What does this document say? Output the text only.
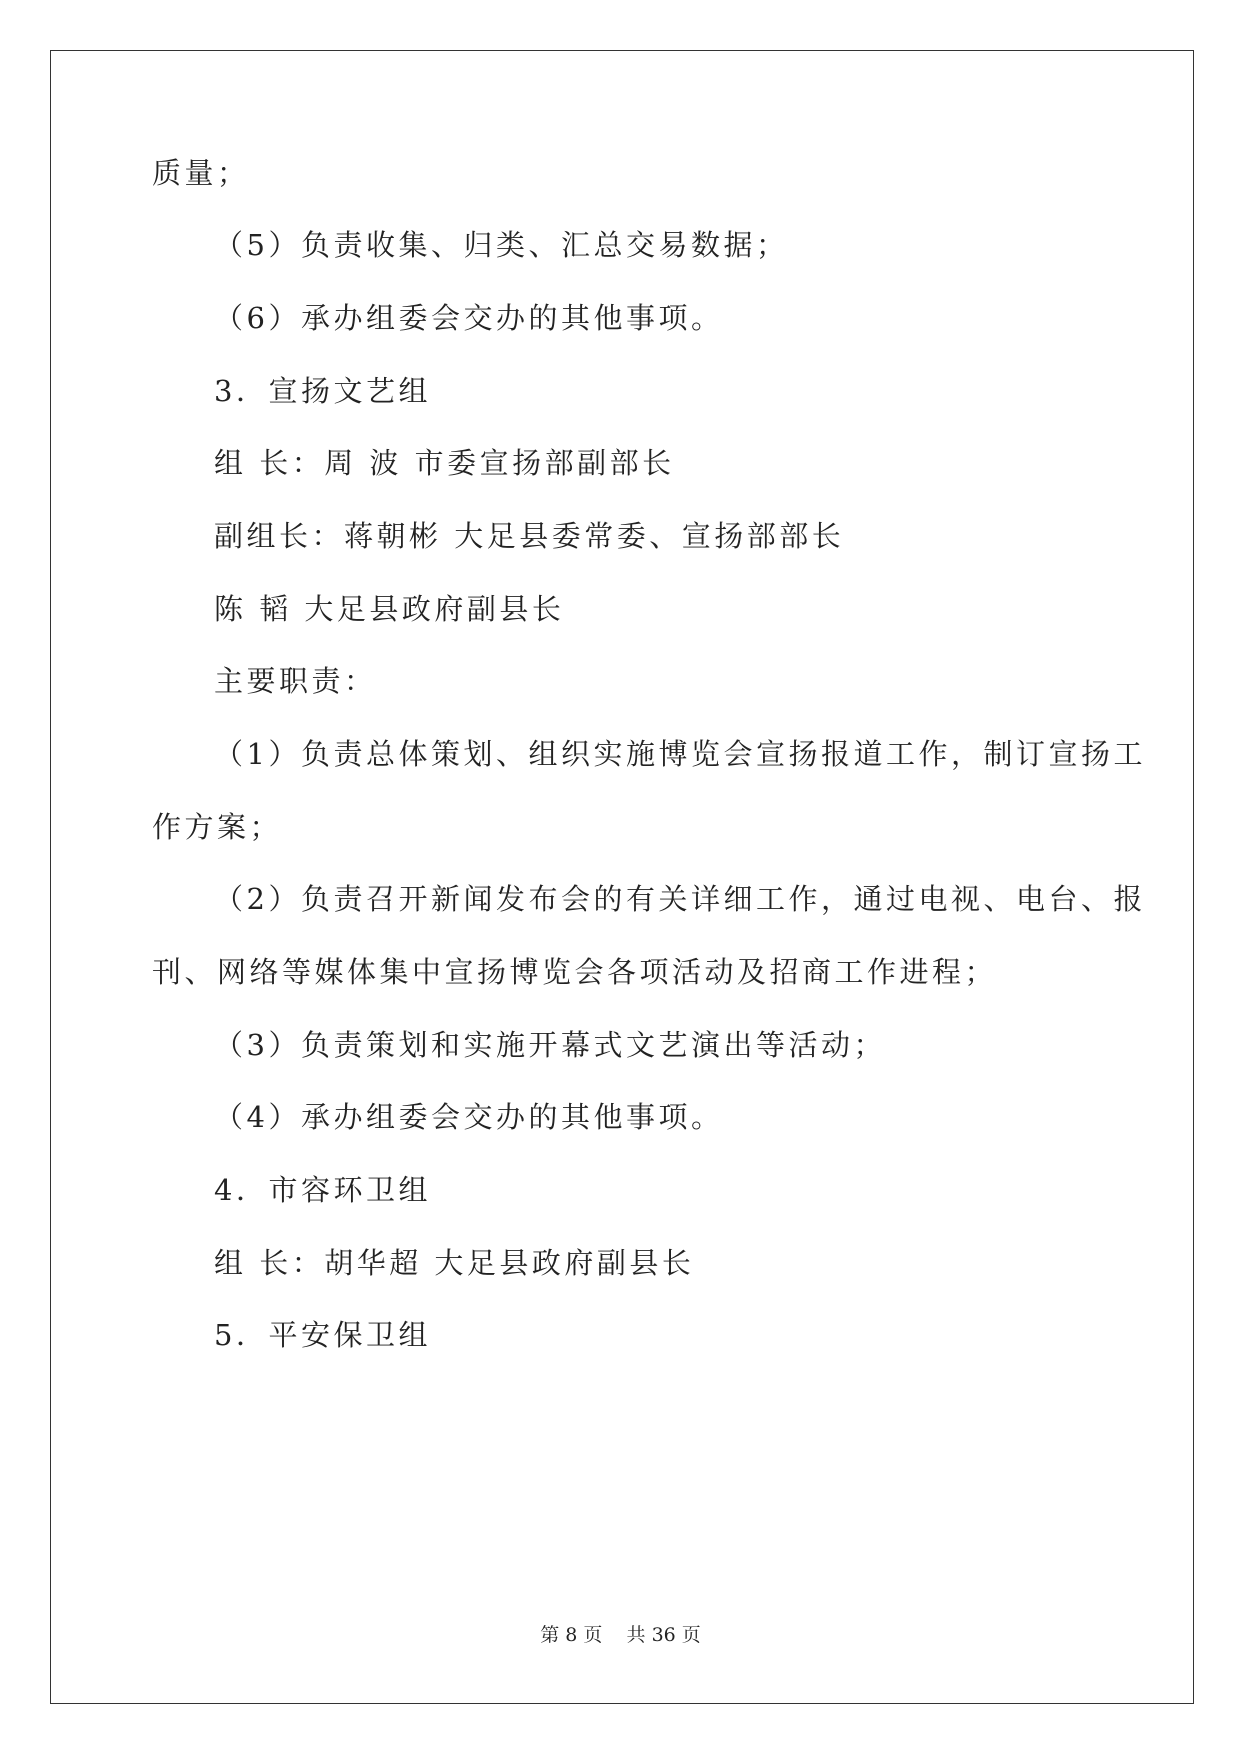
质量；
（5）负责收集、归类、汇总交易数据；
（6）承办组委会交办的其他事项。
3．宣扬文艺组
组 长：周 波 市委宣扬部副部长
副组长：蒋朝彬 大足县委常委、宣扬部部长
陈 韬 大足县政府副县长
主要职责：
（1）负责总体策划、组织实施博览会宣扬报道工作，制订宣扬工
作方案；
（2）负责召开新闻发布会的有关详细工作，通过电视、电台、报
刊、网络等媒体集中宣扬博览会各项活动及招商工作进程；
（3）负责策划和实施开幕式文艺演出等活动；
（4）承办组委会交办的其他事项。
4．市容环卫组
组 长：胡华超 大足县政府副县长
5．平安保卫组
第 8 页    共 36 页
